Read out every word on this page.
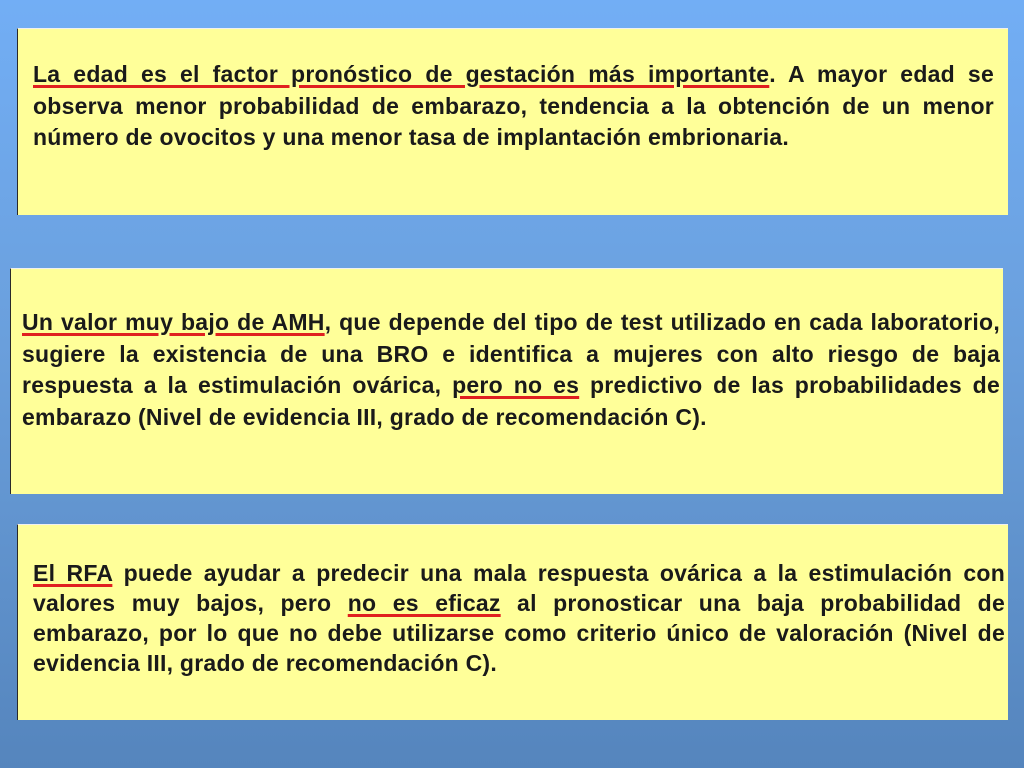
La edad es el factor pronóstico de gestación más importante. A mayor edad se observa menor probabilidad de embarazo, tendencia a la obtención de un menor número de ovocitos y una menor tasa de implantación embrionaria.

Un valor muy bajo de AMH, que depende del tipo de test utilizado en cada laboratorio, sugiere la existencia de una BRO e identifica a mujeres con alto riesgo de baja respuesta a la estimulación ovárica, pero no es predictivo de las probabilidades de embarazo (Nivel de evidencia III, grado de recomendación C).

El RFA puede ayudar a predecir una mala respuesta ovárica a la estimulación con valores muy bajos, pero no es eficaz al pronosticar una baja probabilidad de embarazo, por lo que no debe utilizarse como criterio único de valoración (Nivel de evidencia III, grado de recomendación C).
